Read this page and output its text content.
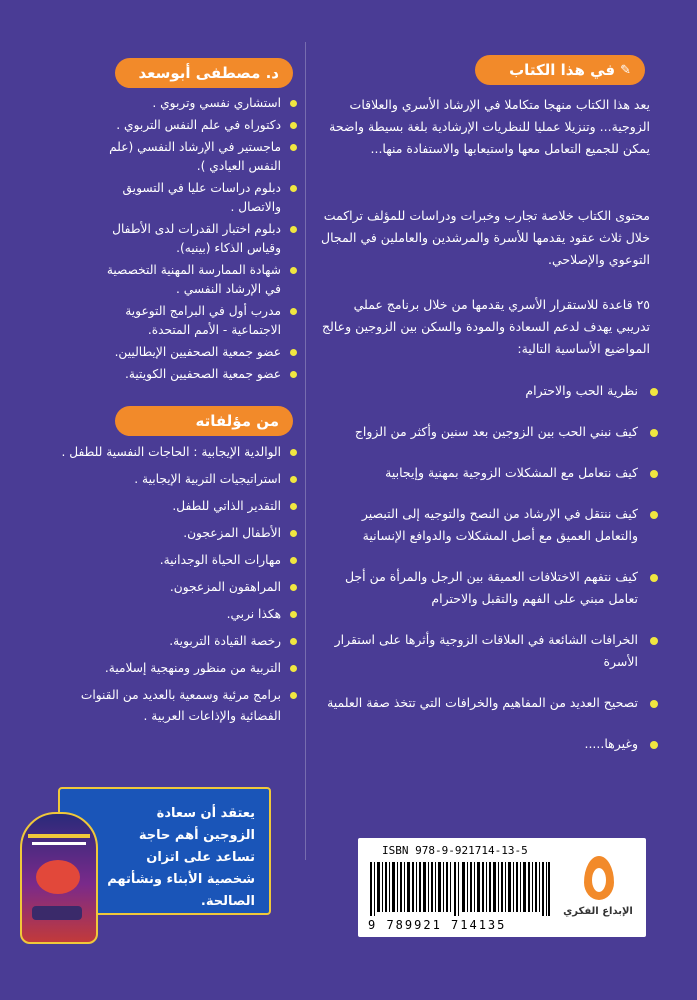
✎
في هذا الكتاب

يعد هذا الكتاب منهجا متكاملا في الإرشاد الأسري والعلاقات الزوجية... وتنزيلا عمليا للنظريات الإرشادية بلغة بسيطة واضحة يمكن للجميع التعامل معها واستيعابها والاستفادة منها...

محتوى الكتاب خلاصة تجارب وخبرات ودراسات للمؤلف تراكمت خلال ثلاث عقود يقدمها للأسرة والمرشدين والعاملين في المجال التوعوي والإصلاحي.

٢٥ قاعدة للاستقرار الأسري يقدمها من خلال برنامج عملي تدريبي يهدف لدعم السعادة والمودة والسكن بين الزوجين وعالج المواضيع الأساسية التالية:

نظرية الحب والاحترام
كيف نبني الحب بين الزوجين بعد سنين وأكثر من الزواج
كيف نتعامل مع المشكلات الزوجية بمهنية وإيجابية
كيف ننتقل في الإرشاد من النصح والتوجيه إلى التبصير والتعامل العميق مع أصل المشكلات والدوافع الإنسانية
كيف نتفهم الاختلافات العميقة بين الرجل والمرأة من أجل تعامل مبني على الفهم والتقبل والاحترام
الخرافات الشائعة في العلاقات الزوجية وأثرها على استقرار الأسرة
تصحيح العديد من المفاهيم والخرافات التي تتخذ صفة العلمية
وغيرها.....
د. مصطفى أبوسعد
استشاري نفسي وتربوي .
دكتوراه في علم النفس التربوي .
ماجستير في الإرشاد النفسي (علم النفس العيادي ).
دبلوم دراسات عليا في التسويق والاتصال .
دبلوم اختبار القدرات لدى الأطفال وقياس الذكاء (بينيه).
شهادة الممارسة المهنية التخصصية في الإرشاد النفسي .
مدرب أول في البرامج التوعوية الاجتماعية - الأمم المتحدة.
عضو جمعية الصحفيين الإيطاليين.
عضو جمعية الصحفيين الكويتية.
من مؤلفاته
الوالدية الإيجابية : الحاجات النفسية للطفل .
استراتيجيات التربية الإيجابية .
التقدير الذاتي للطفل.
الأطفال المزعجون.
مهارات الحياة الوجدانية.
المراهقون المزعجون.
هكذا نربي.
رخصة القيادة التربوية.
التربية من منظور ومنهجية إسلامية.
برامج مرئية وسمعية بالعديد من القنوات الفضائية والإذاعات العربية .
يعتقد أن سعادة الزوجين أهم حاجة تساعد على اتزان شخصية الأبناء ونشأتهم الصالحة.
ISBN 978-9-921714-13-5
9 789921 714135
الإبداع الفكري
